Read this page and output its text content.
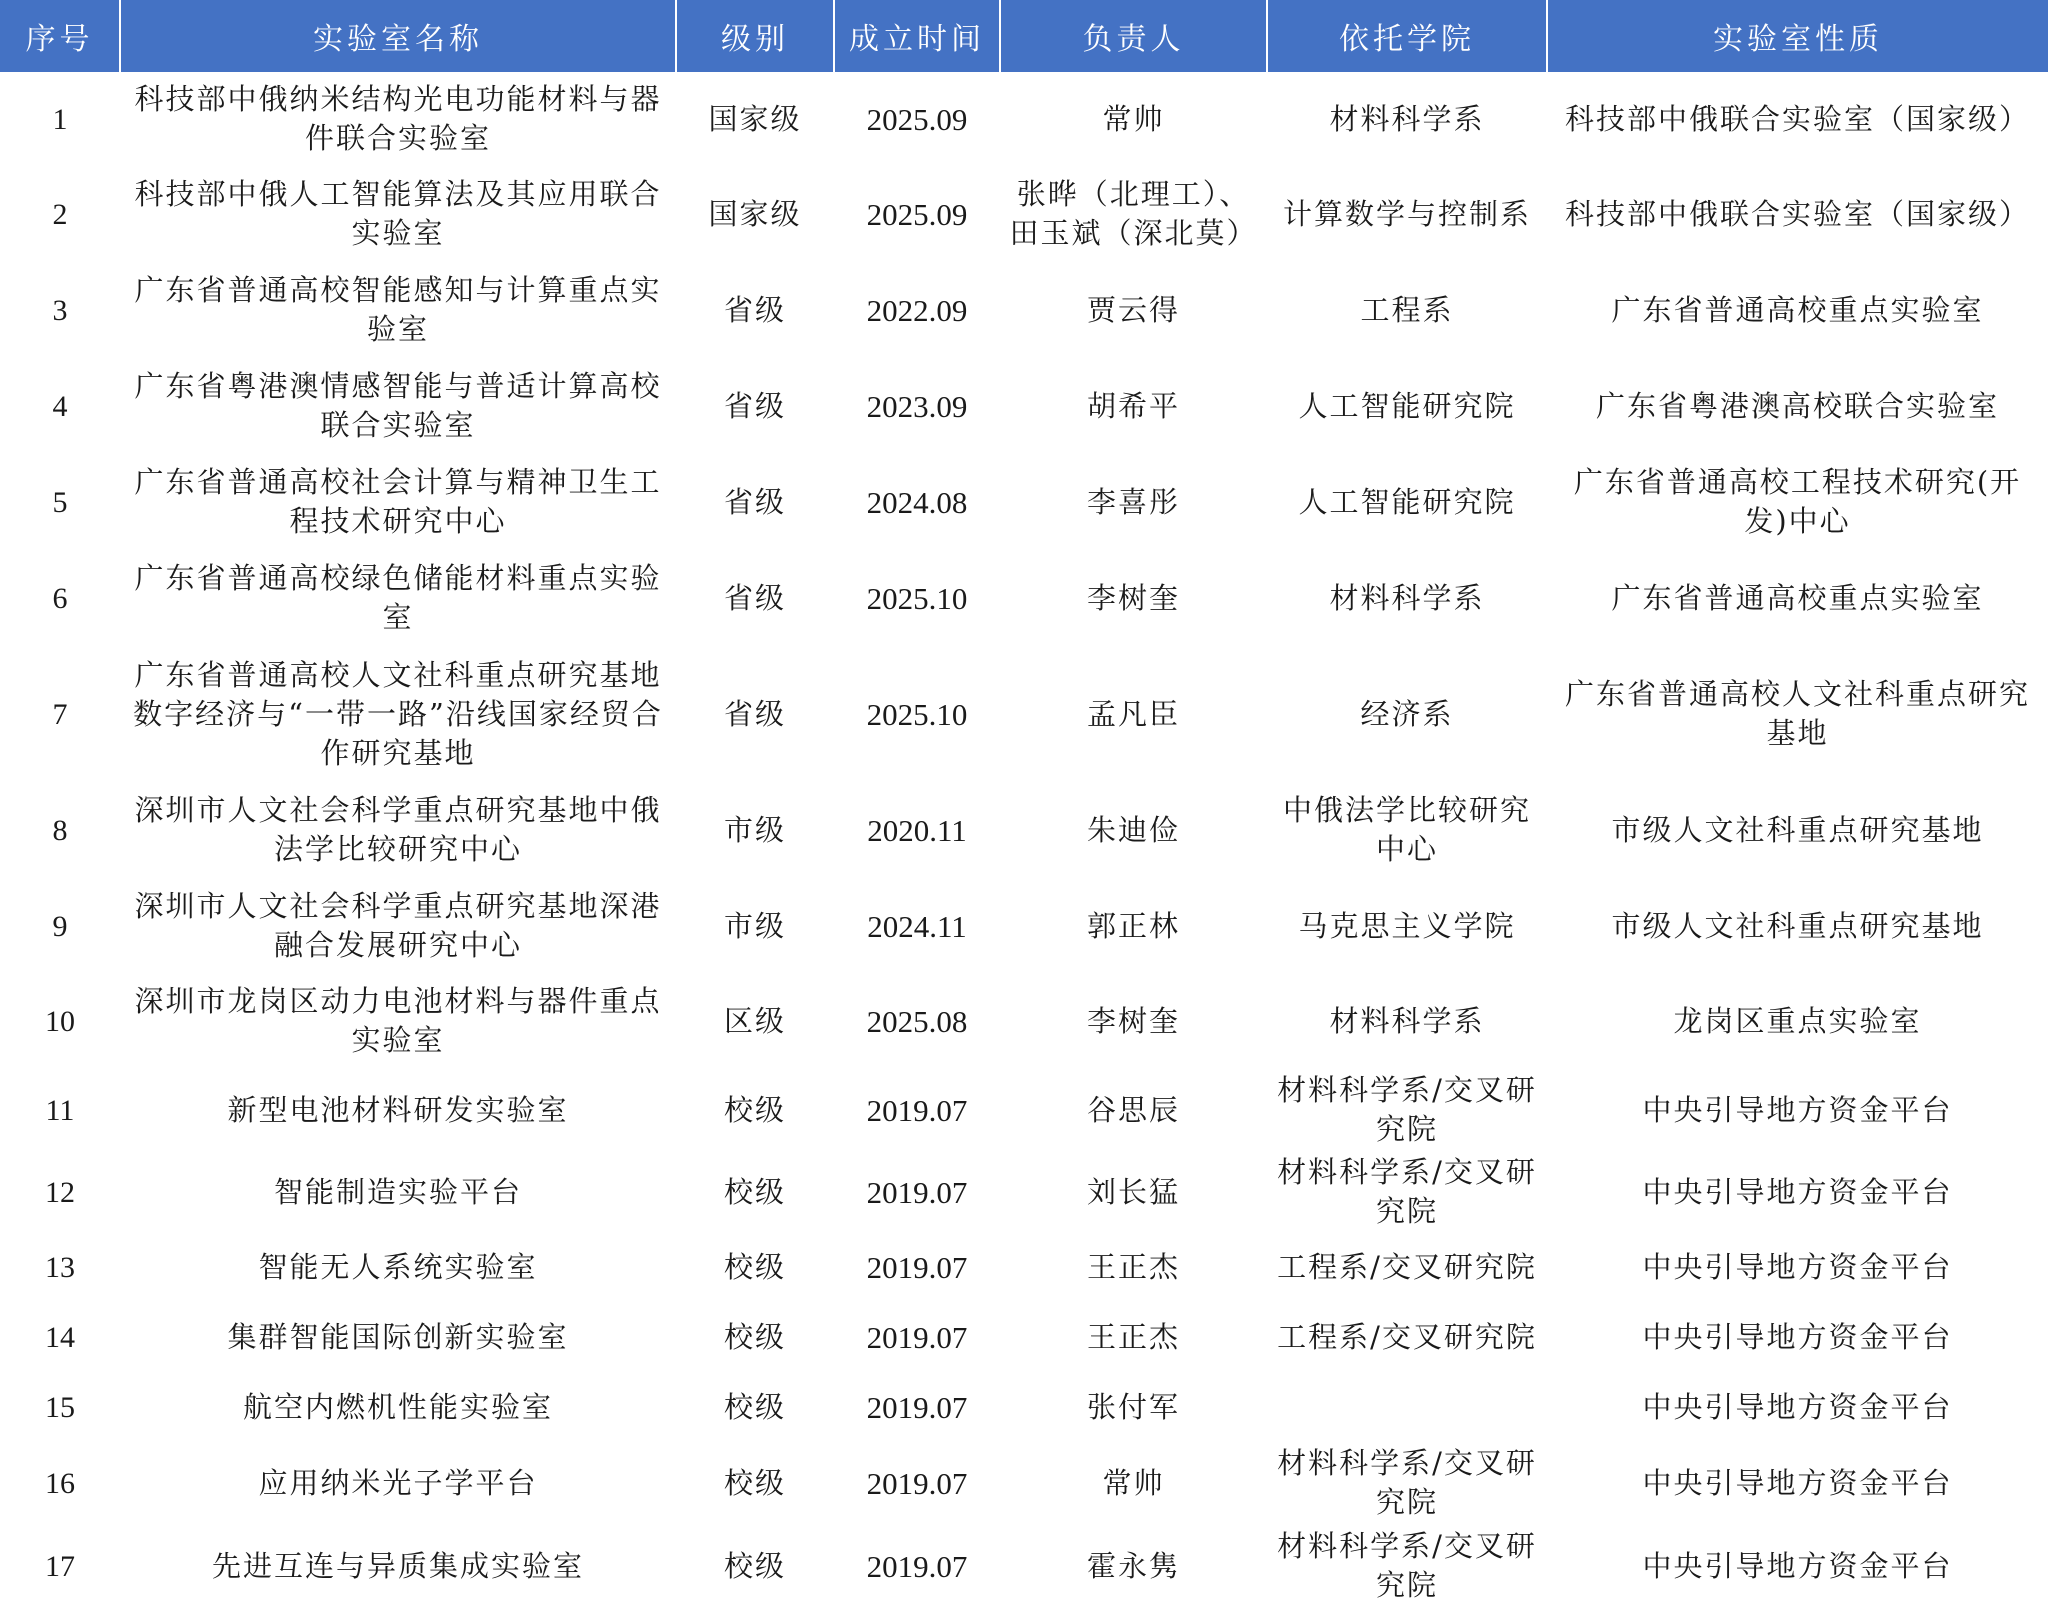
序号	实验室名称	级别	成立时间	负责人	依托学院	实验室性质
1	科技部中俄纳米结构光电功能材料与器件联合实验室	国家级	2025.09	常帅	材料科学系	科技部中俄联合实验室（国家级）
2	科技部中俄人工智能算法及其应用联合实验室	国家级	2025.09	张晔（北理工）、田玉斌（深北莫）	计算数学与控制系	科技部中俄联合实验室（国家级）
3	广东省普通高校智能感知与计算重点实验室	省级	2022.09	贾云得	工程系	广东省普通高校重点实验室
4	广东省粤港澳情感智能与普适计算高校联合实验室	省级	2023.09	胡希平	人工智能研究院	广东省粤港澳高校联合实验室
5	广东省普通高校社会计算与精神卫生工程技术研究中心	省级	2024.08	李喜彤	人工智能研究院	广东省普通高校工程技术研究(开发)中心
6	广东省普通高校绿色储能材料重点实验室	省级	2025.10	李树奎	材料科学系	广东省普通高校重点实验室
7	广东省普通高校人文社科重点研究基地数字经济与“一带一路”沿线国家经贸合作研究基地	省级	2025.10	孟凡臣	经济系	广东省普通高校人文社科重点研究基地
8	深圳市人文社会科学重点研究基地中俄法学比较研究中心	市级	2020.11	朱迪俭	中俄法学比较研究中心	市级人文社科重点研究基地
9	深圳市人文社会科学重点研究基地深港融合发展研究中心	市级	2024.11	郭正林	马克思主义学院	市级人文社科重点研究基地
10	深圳市龙岗区动力电池材料与器件重点实验室	区级	2025.08	李树奎	材料科学系	龙岗区重点实验室
11	新型电池材料研发实验室	校级	2019.07	谷思辰	材料科学系/交叉研究院	中央引导地方资金平台
12	智能制造实验平台	校级	2019.07	刘长猛	材料科学系/交叉研究院	中央引导地方资金平台
13	智能无人系统实验室	校级	2019.07	王正杰	工程系/交叉研究院	中央引导地方资金平台
14	集群智能国际创新实验室	校级	2019.07	王正杰	工程系/交叉研究院	中央引导地方资金平台
15	航空内燃机性能实验室	校级	2019.07	张付军		中央引导地方资金平台
16	应用纳米光子学平台	校级	2019.07	常帅	材料科学系/交叉研究院	中央引导地方资金平台
17	先进互连与异质集成实验室	校级	2019.07	霍永隽	材料科学系/交叉研究院	中央引导地方资金平台
